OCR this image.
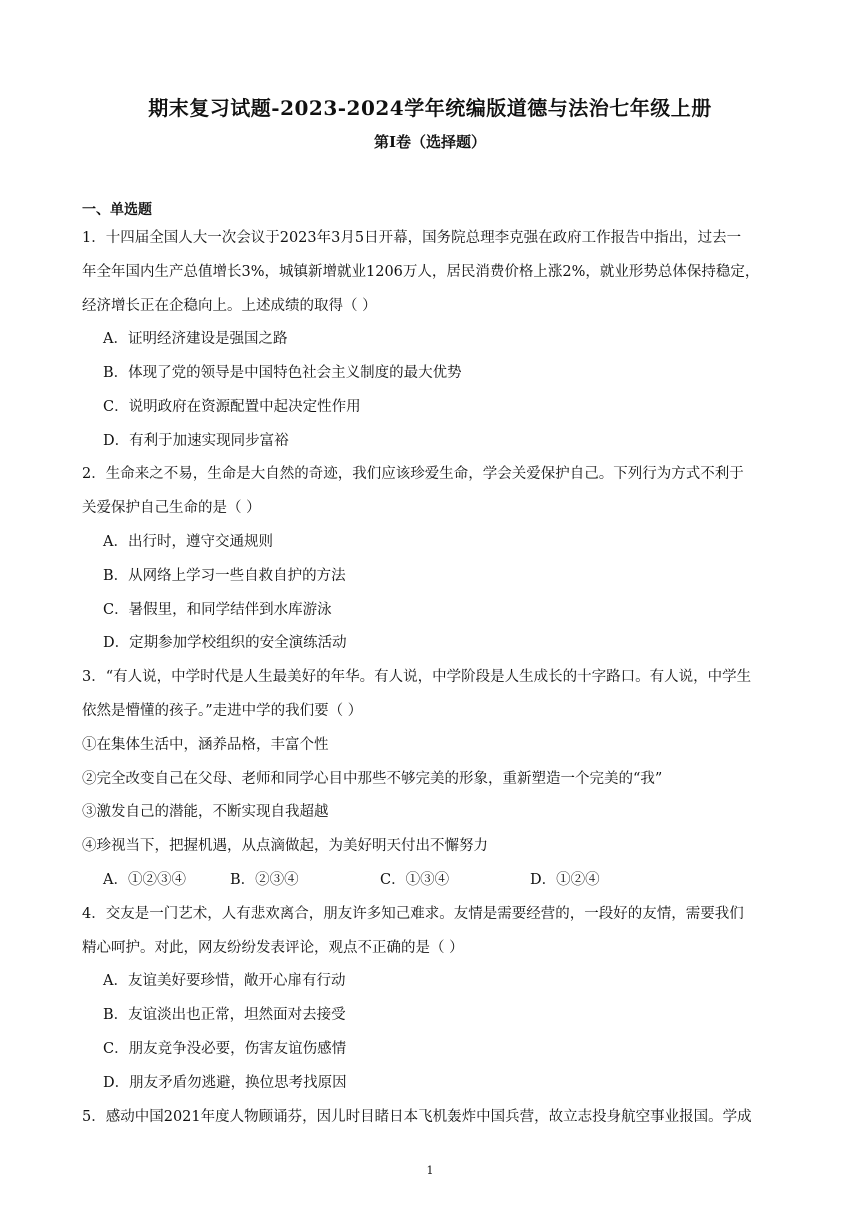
期末复习试题-2023-2024学年统编版道德与法治七年级上册
第I卷（选择题）
一、单选题
1．十四届全国人大一次会议于2023年3月5日开幕，国务院总理李克强在政府工作报告中指出，过去一
年全年国内生产总值增长3%，城镇新增就业1206万人，居民消费价格上涨2%，就业形势总体保持稳定，
经济增长正在企稳向上。上述成绩的取得（ ）
A．证明经济建设是强国之路
B．体现了党的领导是中国特色社会主义制度的最大优势
C．说明政府在资源配置中起决定性作用
D．有利于加速实现同步富裕
2．生命来之不易，生命是大自然的奇迹，我们应该珍爱生命，学会关爱保护自己。下列行为方式不利于
关爱保护自己生命的是（ ）
A．出行时，遵守交通规则
B．从网络上学习一些自救自护的方法
C．暑假里，和同学结伴到水库游泳
D．定期参加学校组织的安全演练活动
3．“有人说，中学时代是人生最美好的年华。有人说，中学阶段是人生成长的十字路口。有人说，中学生
依然是懵懂的孩子。”走进中学的我们要（ ）
①在集体生活中，涵养品格，丰富个性
②完全改变自己在父母、老师和同学心目中那些不够完美的形象，重新塑造一个完美的“我”
③激发自己的潜能，不断实现自我超越
④珍视当下，把握机遇，从点滴做起，为美好明天付出不懈努力
A．①②③④	B．②③④	C．①③④	D．①②④
4．交友是一门艺术，人有悲欢离合，朋友许多知己难求。友情是需要经营的，一段好的友情，需要我们
精心呵护。对此，网友纷纷发表评论，观点不正确的是（ ）
A．友谊美好要珍惜，敞开心扉有行动
B．友谊淡出也正常，坦然面对去接受
C．朋友竞争没必要，伤害友谊伤感情
D．朋友矛盾勿逃避，换位思考找原因
5．感动中国2021年度人物顾诵芬，因儿时目睹日本飞机轰炸中国兵营，故立志投身航空事业报国。学成
1
